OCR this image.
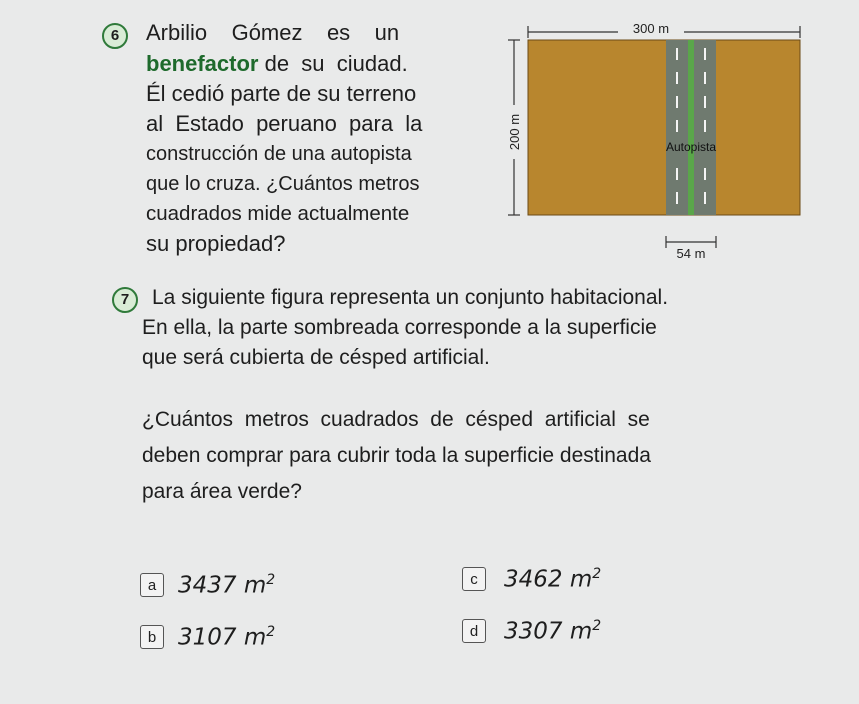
6 Arbilio    Gómez    es    un
benefactor de  su  ciudad.
Él cedió parte de su terreno
al  Estado  peruano  para  la
construcción de una autopista
que lo cruza. ¿Cuántos metros
cuadrados mide actualmente
su propiedad?
300 m
200 m	Autopista
54 m
7 La siguiente figura representa un conjunto habitacional.
En ella, la parte sombreada corresponde a la superficie
que será cubierta de césped artificial.
¿Cuántos  metros  cuadrados  de  césped  artificial  se
deben comprar para cubrir toda la superficie destinada
para área verde?
a 3437 $m^2$
b 3107 $m^2$
c	3462 $m^2$
d	3307 $m^2$
